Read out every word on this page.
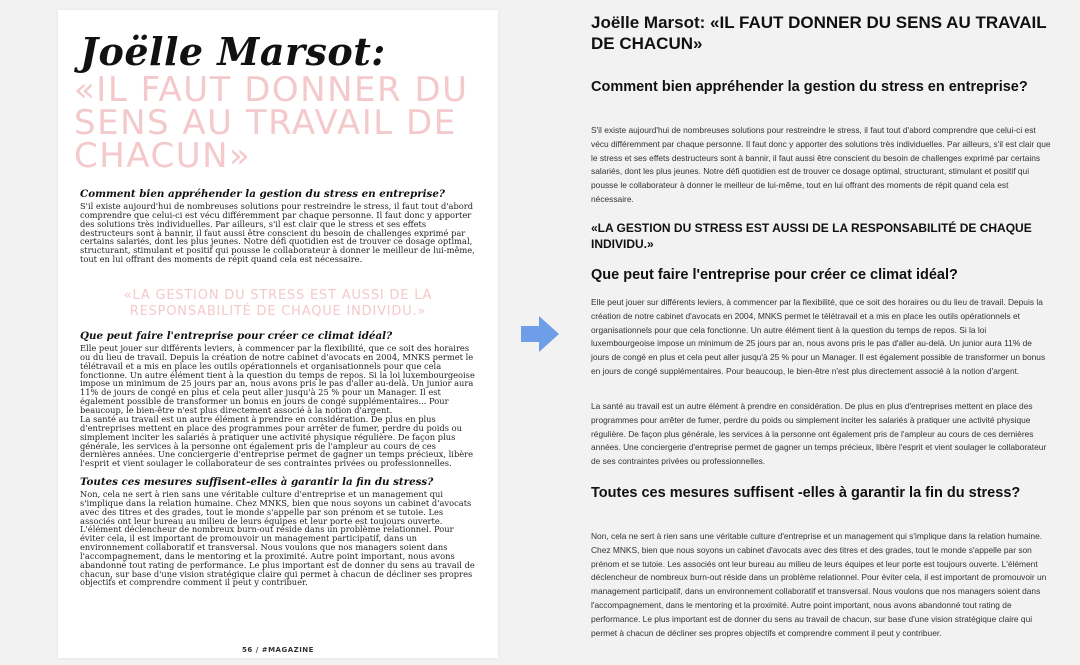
Joëlle Marsot:
«IL FAUT DONNER DU SENS AU TRAVAIL DE CHACUN»
Comment bien appréhender la gestion du stress en entreprise?
S'il existe aujourd'hui de nombreuses solutions pour restreindre le stress, il faut tout d'abord comprendre que celui-ci est vécu différemment par chaque personne. Il faut donc y apporter des solutions très individuelles. Par ailleurs, s'il est clair que le stress et ses effets destructeurs sont à bannir, il faut aussi être conscient du besoin de challenges exprimé par certains salariés, dont les plus jeunes. Notre défi quotidien est de trouver ce dosage optimal, structurant, stimulant et positif qui pousse le collaborateur à donner le meilleur de lui-même, tout en lui offrant des moments de répit quand cela est nécessaire.
«LA GESTION DU STRESS EST AUSSI DE LA RESPONSABILITÉ DE CHAQUE INDIVIDU.»
Que peut faire l'entreprise pour créer ce climat idéal?
Elle peut jouer sur différents leviers, à commencer par la flexibilité, que ce soit des horaires ou du lieu de travail. Depuis la création de notre cabinet d'avocats en 2004, MNKS permet le télétravail et a mis en place les outils opérationnels et organisationnels pour que cela fonctionne. Un autre élément tient à la question du temps de repos. Si la loi luxembourgeoise impose un minimum de 25 jours par an, nous avons pris le pas d'aller au-delà. Un junior aura 11% de jours de congé en plus et cela peut aller jusqu'à 25 % pour un Manager. Il est également possible de transformer un bonus en jours de congé supplémentaires... Pour beaucoup, le bien-être n'est plus directement associé à la notion d'argent.
La santé au travail est un autre élément à prendre en considération. De plus en plus d'entreprises mettent en place des programmes pour arrêter de fumer, perdre du poids ou simplement inciter les salariés à pratiquer une activité physique régulière. De façon plus générale, les services à la personne ont également pris de l'ampleur au cours de ces dernières années. Une conciergerie d'entreprise permet de gagner un temps précieux, libère l'esprit et vient soulager le collaborateur de ses contraintes privées ou professionnelles.
Toutes ces mesures suffisent-elles à garantir la fin du stress?
Non, cela ne sert à rien sans une véritable culture d'entreprise et un management qui s'implique dans la relation humaine. Chez MNKS, bien que nous soyons un cabinet d'avocats avec des titres et des grades, tout le monde s'appelle par son prénom et se tutoie. Les associés ont leur bureau au milieu de leurs équipes et leur porte est toujours ouverte. L'élément déclencheur de nombreux burn-out réside dans un problème relationnel. Pour éviter cela, il est important de promouvoir un management participatif, dans un environnement collaboratif et transversal. Nous voulons que nos managers soient dans l'accompagnement, dans le mentoring et la proximité. Autre point important, nous avons abandonné tout rating de performance. Le plus important est de donner du sens au travail de chacun, sur base d'une vision stratégique claire qui permet à chacun de décliner ses propres objectifs et comprendre comment il peut y contribuer.
56 / #MAGAZINE
Joëlle Marsot: «IL FAUT DONNER DU SENS AU TRAVAIL DE CHACUN»
Comment bien appréhender la gestion du stress en entreprise?

S'il existe aujourd'hui de nombreuses solutions pour restreindre le stress, il faut tout d'abord comprendre que celui-ci est vécu différemment par chaque personne. Il faut donc y apporter des solutions très individuelles. Par ailleurs, s'il est clair que le stress et ses effets destructeurs sont à bannir, il faut aussi être conscient du besoin de challenges exprimé par certains salariés, dont les plus jeunes. Notre défi quotidien est de trouver ce dosage optimal, structurant, stimulant et positif qui pousse le collaborateur à donner le meilleur de lui-même, tout en lui offrant des moments de répit quand cela est nécessaire.

«LA GESTION DU STRESS EST AUSSI DE LA RESPONSABILITÉ DE CHAQUE INDIVIDU.»
Que peut faire l'entreprise pour créer ce climat idéal?

Elle peut jouer sur différents leviers, à commencer par la flexibilité, que ce soit des horaires ou du lieu de travail. Depuis la création de notre cabinet d'avocats en 2004, MNKS permet le télétravail et a mis en place les outils opérationnels et organisationnels pour que cela fonctionne. Un autre élément tient à la question du temps de repos. Si la loi luxembourgeoise impose un minimum de 25 jours par an, nous avons pris le pas d'aller au-delà. Un junior aura 11% de jours de congé en plus et cela peut aller jusqu'à 25 % pour un Manager. Il est également possible de transformer un bonus en jours de congé supplémentaires. Pour beaucoup, le bien-être n'est plus directement associé à la notion d'argent.

La santé au travail est un autre élément à prendre en considération. De plus en plus d'entreprises mettent en place des programmes pour arrêter de fumer, perdre du poids ou simplement inciter les salariés à pratiquer une activité physique régulière. De façon plus générale, les services à la personne ont également pris de l'ampleur au cours de ces dernières années. Une conciergerie d'entreprise permet de gagner un temps précieux, libère l'esprit et vient soulager le collaborateur de ses contraintes privées ou professionnelles.

Toutes ces mesures suffisent -elles à garantir la fin du stress?

Non, cela ne sert à rien sans une véritable culture d'entreprise et un management qui s'implique dans la relation humaine. Chez MNKS, bien que nous soyons un cabinet d'avocats avec des titres et des grades, tout le monde s'appelle par son prénom et se tutoie. Les associés ont leur bureau au milieu de leurs équipes et leur porte est toujours ouverte. L'élément déclencheur de nombreux burn-out réside dans un problème relationnel. Pour éviter cela, il est important de promouvoir un management participatif, dans un environnement collaboratif et transversal. Nous voulons que nos managers soient dans l'accompagnement, dans le mentoring et la proximité. Autre point important, nous avons abandonné tout rating de performance. Le plus important est de donner du sens au travail de chacun, sur base d'une vision stratégique claire qui permet à chacun de décliner ses propres objectifs et comprendre comment il peut y contribuer.
